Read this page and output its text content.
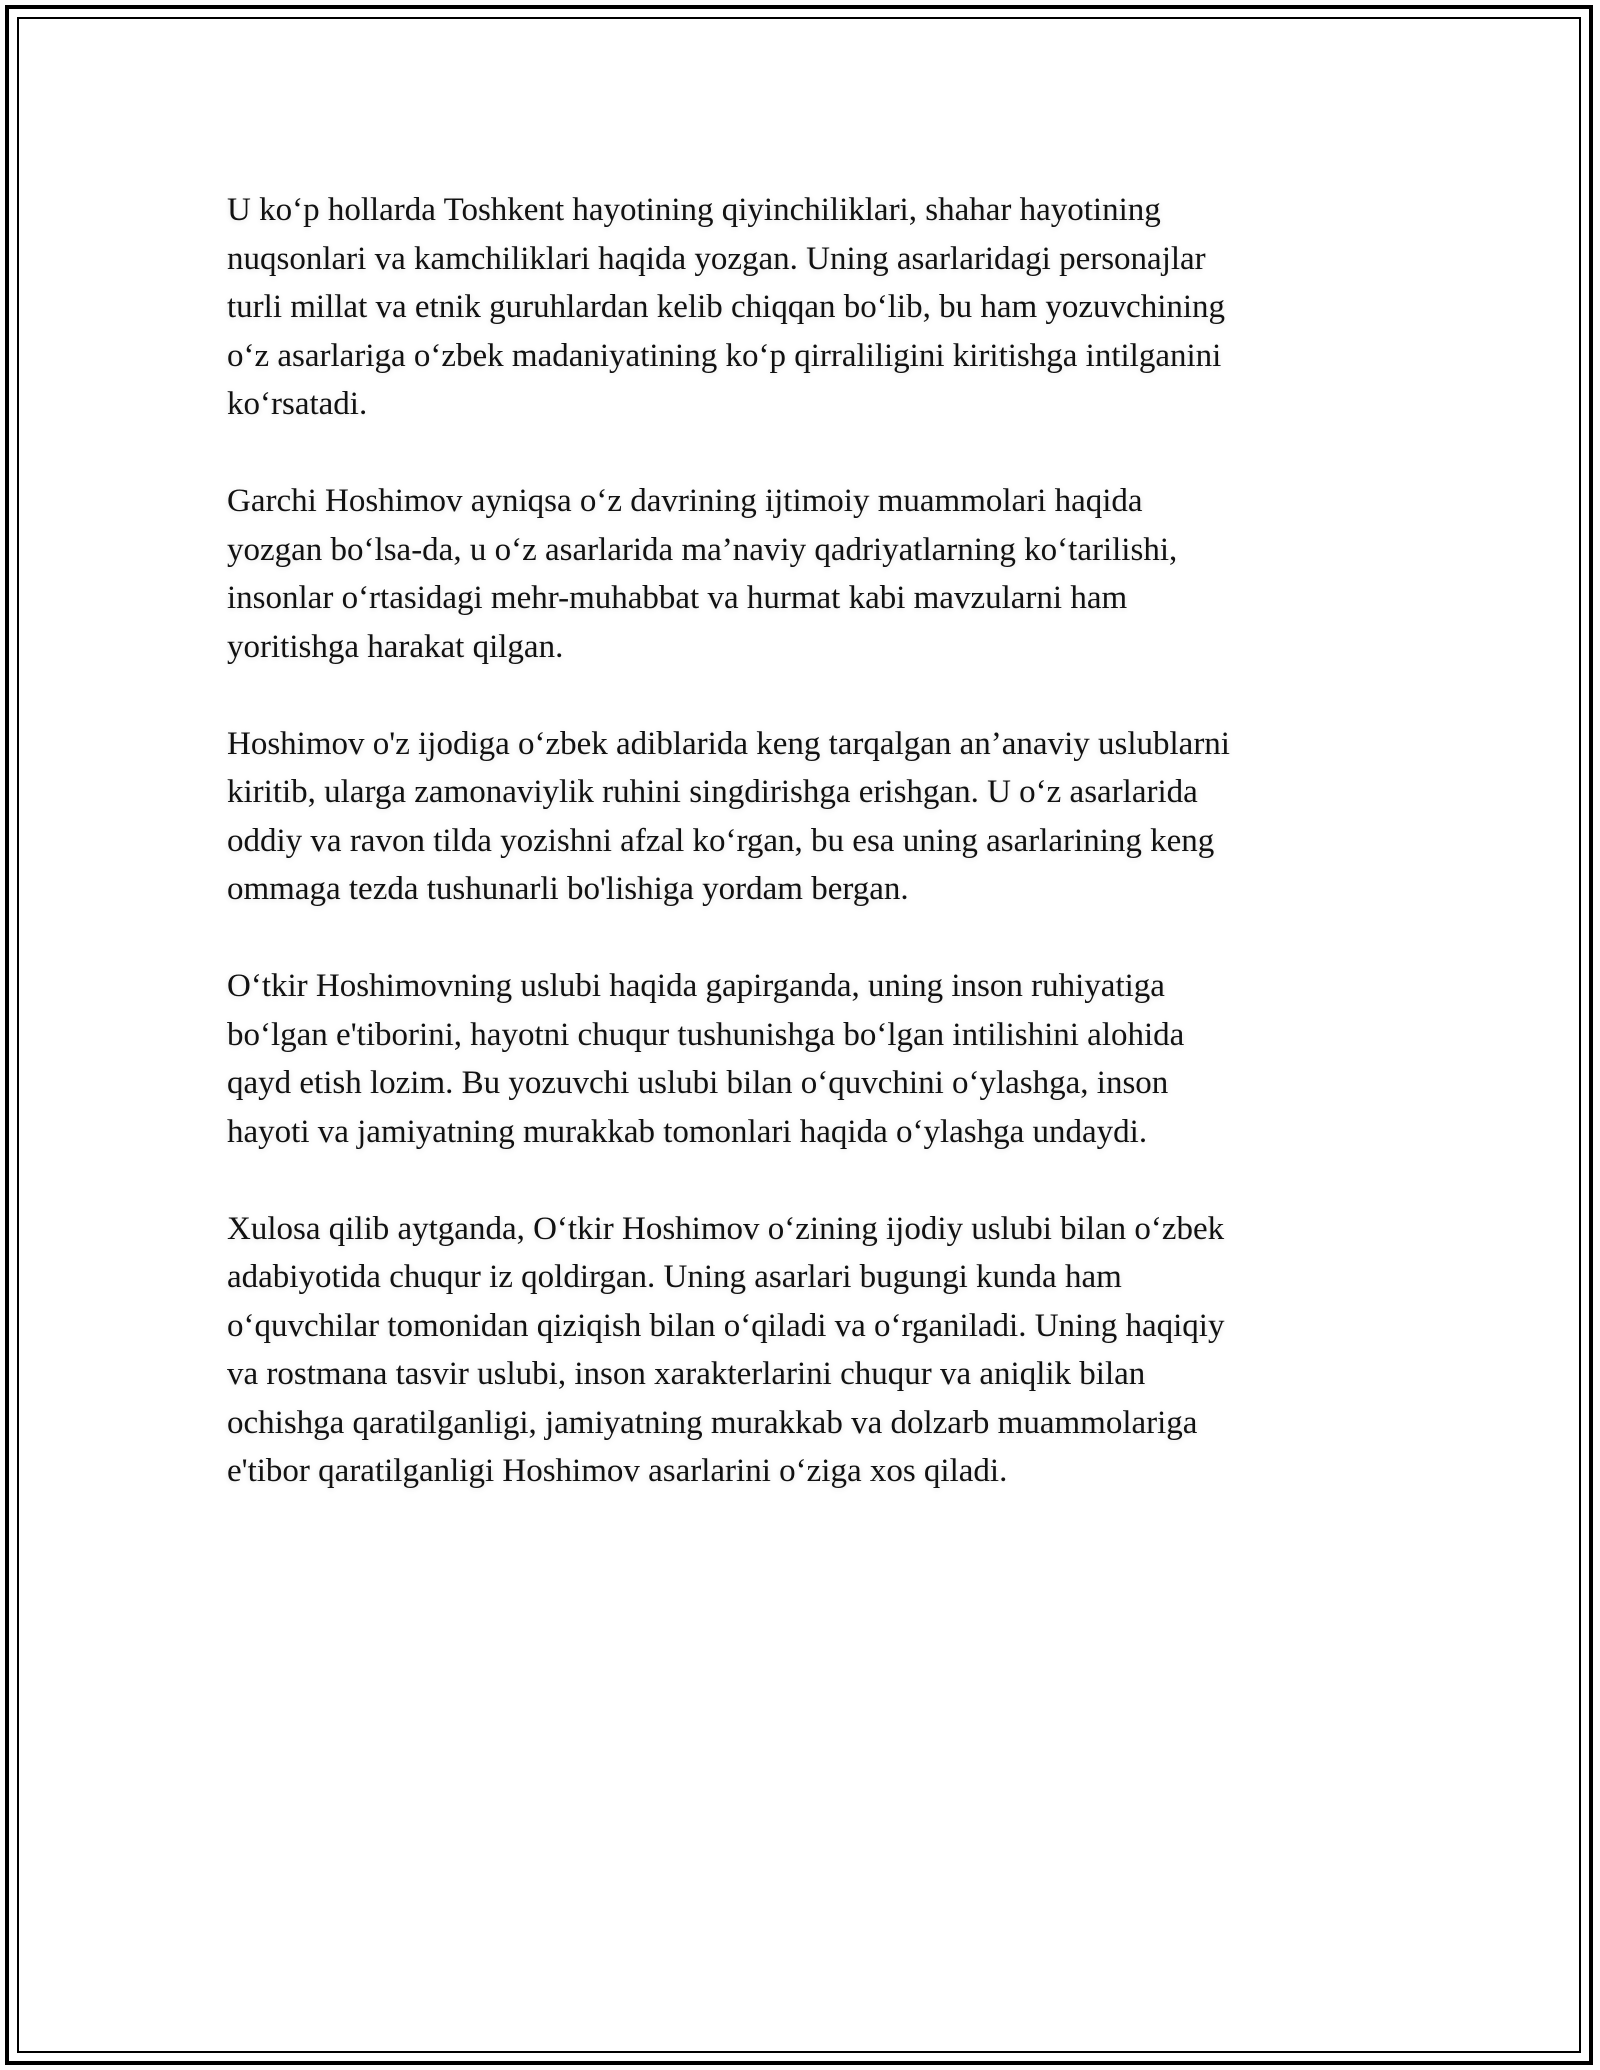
U ko‘p hollarda Toshkent hayotining qiyinchiliklari, shahar hayotining
nuqsonlari va kamchiliklari haqida yozgan. Uning asarlaridagi personajlar
turli millat va etnik guruhlardan kelib chiqqan bo‘lib, bu ham yozuvchining
o‘z asarlariga o‘zbek madaniyatining ko‘p qirraliligini kiritishga intilganini
ko‘rsatadi.

Garchi Hoshimov ayniqsa o‘z davrining ijtimoiy muammolari haqida
yozgan bo‘lsa-da, u o‘z asarlarida ma’naviy qadriyatlarning ko‘tarilishi,
insonlar o‘rtasidagi mehr-muhabbat va hurmat kabi mavzularni ham
yoritishga harakat qilgan.

Hoshimov o'z ijodiga o‘zbek adiblarida keng tarqalgan an’anaviy uslublarni
kiritib, ularga zamonaviylik ruhini singdirishga erishgan. U o‘z asarlarida
oddiy va ravon tilda yozishni afzal ko‘rgan, bu esa uning asarlarining keng
ommaga tezda tushunarli bo'lishiga yordam bergan.

O‘tkir Hoshimovning uslubi haqida gapirganda, uning inson ruhiyatiga
bo‘lgan e'tiborini, hayotni chuqur tushunishga bo‘lgan intilishini alohida
qayd etish lozim. Bu yozuvchi uslubi bilan o‘quvchini o‘ylashga, inson
hayoti va jamiyatning murakkab tomonlari haqida o‘ylashga undaydi.

Xulosa qilib aytganda, O‘tkir Hoshimov o‘zining ijodiy uslubi bilan o‘zbek
adabiyotida chuqur iz qoldirgan. Uning asarlari bugungi kunda ham
o‘quvchilar tomonidan qiziqish bilan o‘qiladi va o‘rganiladi. Uning haqiqiy
va rostmana tasvir uslubi, inson xarakterlarini chuqur va aniqlik bilan
ochishga qaratilganligi, jamiyatning murakkab va dolzarb muammolariga
e'tibor qaratilganligi Hoshimov asarlarini o‘ziga xos qiladi.
